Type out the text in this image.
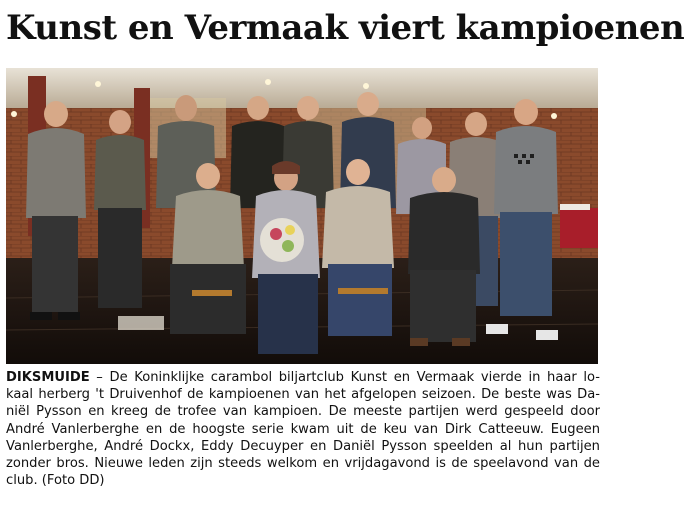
Kunst en Vermaak viert kampioenen
DIKSMUIDE – De Koninklijke carambol biljartclub Kunst en Vermaak vierde in haar lo-
kaal herberg 't Druivenhof de kampioenen van het afgelopen seizoen. De beste was Da-
niël Pysson en kreeg de trofee van kampioen. De meeste partijen werd gespeeld door
André Vanlerberghe en de hoogste serie kwam uit de keu van Dirk Catteeuw. Eugeen
Vanlerberghe, André Dockx, Eddy Decuyper en Daniël Pysson speelden al hun partijen
zonder bros. Nieuwe leden zijn steeds welkom en vrijdagavond is de speelavond van de
club. (Foto DD)
